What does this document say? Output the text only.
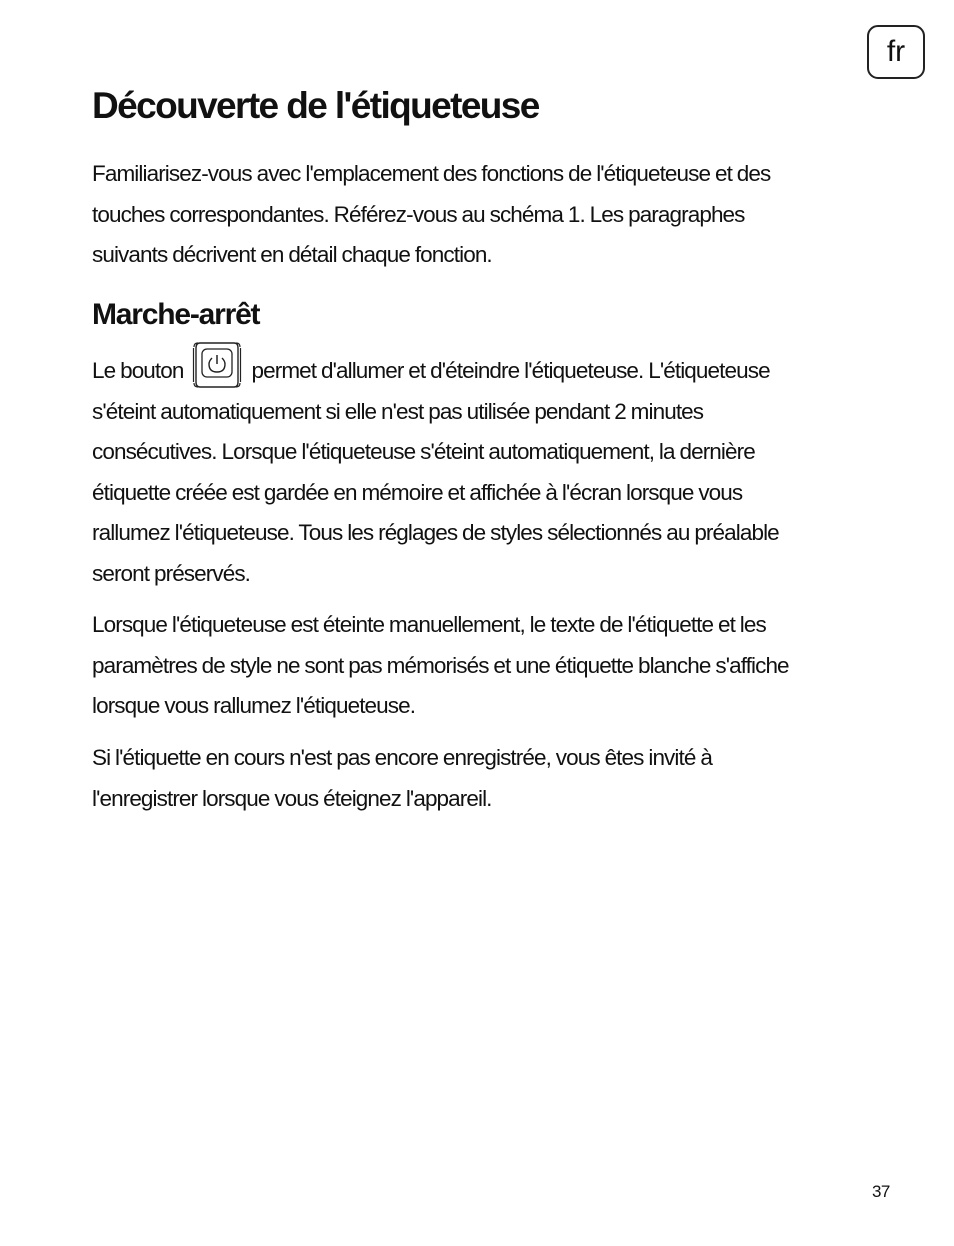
fr
Découverte de l'étiqueteuse

Familiarisez-vous avec l'emplacement des fonctions de l'étiqueteuse et des
touches correspondantes. Référez-vous au schéma 1. Les paragraphes
suivants décrivent en détail chaque fonction.

Marche-arrêt

Le bouton	permet d'allumer et d'éteindre l'étiqueteuse. L'étiqueteuse
s'éteint automatiquement si elle n'est pas utilisée pendant 2 minutes
consécutives. Lorsque l'étiqueteuse s'éteint automatiquement, la dernière
étiquette créée est gardée en mémoire et affichée à l'écran lorsque vous
rallumez l'étiqueteuse. Tous les réglages de styles sélectionnés au préalable
seront préservés.

Lorsque l'étiqueteuse est éteinte manuellement, le texte de l'étiquette et les
paramètres de style ne sont pas mémorisés et une étiquette blanche s'affiche
lorsque vous rallumez l'étiqueteuse.

Si l'étiquette en cours n'est pas encore enregistrée, vous êtes invité à
l'enregistrer lorsque vous éteignez l'appareil.

37
